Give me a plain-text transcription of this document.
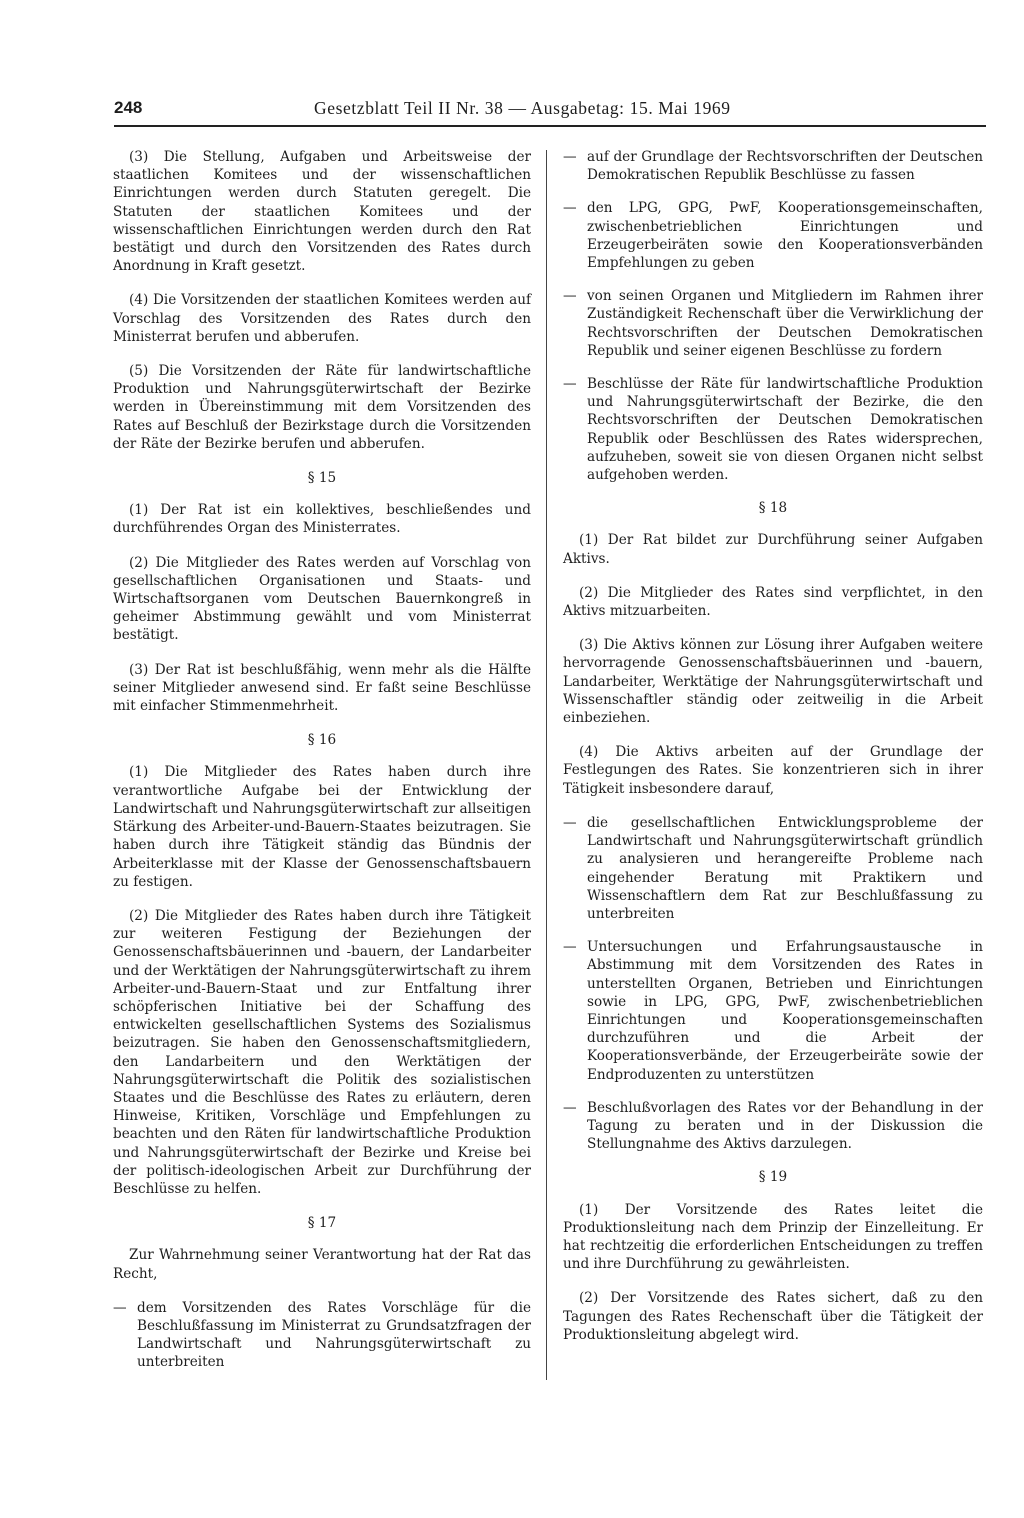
248	Gesetzblatt Teil II Nr. 38 — Ausgabetag: 15. Mai 1969

(3) Die Stellung, Aufgaben und Arbeitsweise der staatlichen Komitees und der wissenschaftlichen Einrichtungen werden durch Statuten geregelt. Die Statuten der staatlichen Komitees und der wissenschaftlichen Einrichtungen werden durch den Rat bestätigt und durch den Vorsitzenden des Rates durch Anordnung in Kraft gesetzt.

(4) Die Vorsitzenden der staatlichen Komitees werden auf Vorschlag des Vorsitzenden des Rates durch den Ministerrat berufen und abberufen.

(5) Die Vorsitzenden der Räte für landwirtschaftliche Produktion und Nahrungsgüterwirtschaft der Bezirke werden in Übereinstimmung mit dem Vorsitzenden des Rates auf Beschluß der Bezirkstage durch die Vorsitzenden der Räte der Bezirke berufen und abberufen.

§ 15

(1) Der Rat ist ein kollektives, beschließendes und durchführendes Organ des Ministerrates.

(2) Die Mitglieder des Rates werden auf Vorschlag von gesellschaftlichen Organisationen und Staats- und Wirtschaftsorganen vom Deutschen Bauernkongreß in geheimer Abstimmung gewählt und vom Ministerrat bestätigt.

(3) Der Rat ist beschlußfähig, wenn mehr als die Hälfte seiner Mitglieder anwesend sind. Er faßt seine Beschlüsse mit einfacher Stimmenmehrheit.

§ 16

(1) Die Mitglieder des Rates haben durch ihre verantwortliche Aufgabe bei der Entwicklung der Landwirtschaft und Nahrungsgüterwirtschaft zur allseitigen Stärkung des Arbeiter-und-Bauern-Staates beizutragen. Sie haben durch ihre Tätigkeit ständig das Bündnis der Arbeiterklasse mit der Klasse der Genossenschaftsbauern zu festigen.

(2) Die Mitglieder des Rates haben durch ihre Tätigkeit zur weiteren Festigung der Beziehungen der Genossenschaftsbäuerinnen und -bauern, der Landarbeiter und der Werktätigen der Nahrungsgüterwirtschaft zu ihrem Arbeiter-und-Bauern-Staat und zur Entfaltung ihrer schöpferischen Initiative bei der Schaffung des entwickelten gesellschaftlichen Systems des Sozialismus beizutragen. Sie haben den Genossenschaftsmitgliedern, den Landarbeitern und den Werktätigen der Nahrungsgüterwirtschaft die Politik des sozialistischen Staates und die Beschlüsse des Rates zu erläutern, deren Hinweise, Kritiken, Vorschläge und Empfehlungen zu beachten und den Räten für landwirtschaftliche Produktion und Nahrungsgüterwirtschaft der Bezirke und Kreise bei der politisch-ideologischen Arbeit zur Durchführung der Beschlüsse zu helfen.

§ 17

Zur Wahrnehmung seiner Verantwortung hat der Rat das Recht,

— dem Vorsitzenden des Rates Vorschläge für die Beschlußfassung im Ministerrat zu Grundsatzfragen der Landwirtschaft und Nahrungsgüterwirtschaft zu unterbreiten
— auf der Grundlage der Rechtsvorschriften der Deutschen Demokratischen Republik Beschlüsse zu fassen
— den LPG, GPG, PwF, Kooperationsgemeinschaften, zwischenbetrieblichen Einrichtungen und Erzeugerbeiräten sowie den Kooperationsverbänden Empfehlungen zu geben
— von seinen Organen und Mitgliedern im Rahmen ihrer Zuständigkeit Rechenschaft über die Verwirklichung der Rechtsvorschriften der Deutschen Demokratischen Republik und seiner eigenen Beschlüsse zu fordern
— Beschlüsse der Räte für landwirtschaftliche Produktion und Nahrungsgüterwirtschaft der Bezirke, die den Rechtsvorschriften der Deutschen Demokratischen Republik oder Beschlüssen des Rates widersprechen, aufzuheben, soweit sie von diesen Organen nicht selbst aufgehoben werden.
§ 18

(1) Der Rat bildet zur Durchführung seiner Aufgaben Aktivs.

(2) Die Mitglieder des Rates sind verpflichtet, in den Aktivs mitzuarbeiten.

(3) Die Aktivs können zur Lösung ihrer Aufgaben weitere hervorragende Genossenschaftsbäuerinnen und -bauern, Landarbeiter, Werktätige der Nahrungsgüterwirtschaft und Wissenschaftler ständig oder zeitweilig in die Arbeit einbeziehen.

(4) Die Aktivs arbeiten auf der Grundlage der Festlegungen des Rates. Sie konzentrieren sich in ihrer Tätigkeit insbesondere darauf,

— die gesellschaftlichen Entwicklungsprobleme der Landwirtschaft und Nahrungsgüterwirtschaft gründlich zu analysieren und herangereifte Probleme nach eingehender Beratung mit Praktikern und Wissenschaftlern dem Rat zur Beschlußfassung zu unterbreiten
— Untersuchungen und Erfahrungsaustausche in Abstimmung mit dem Vorsitzenden des Rates in unterstellten Organen, Betrieben und Einrichtungen sowie in LPG, GPG, PwF, zwischenbetrieblichen Einrichtungen und Kooperationsgemeinschaften durchzuführen und die Arbeit der Kooperationsverbände, der Erzeugerbeiräte sowie der Endproduzenten zu unterstützen
— Beschlußvorlagen des Rates vor der Behandlung in der Tagung zu beraten und in der Diskussion die Stellungnahme des Aktivs darzulegen.
§ 19

(1) Der Vorsitzende des Rates leitet die Produktionsleitung nach dem Prinzip der Einzelleitung. Er hat rechtzeitig die erforderlichen Entscheidungen zu treffen und ihre Durchführung zu gewährleisten.

(2) Der Vorsitzende des Rates sichert, daß zu den Tagungen des Rates Rechenschaft über die Tätigkeit der Produktionsleitung abgelegt wird.
